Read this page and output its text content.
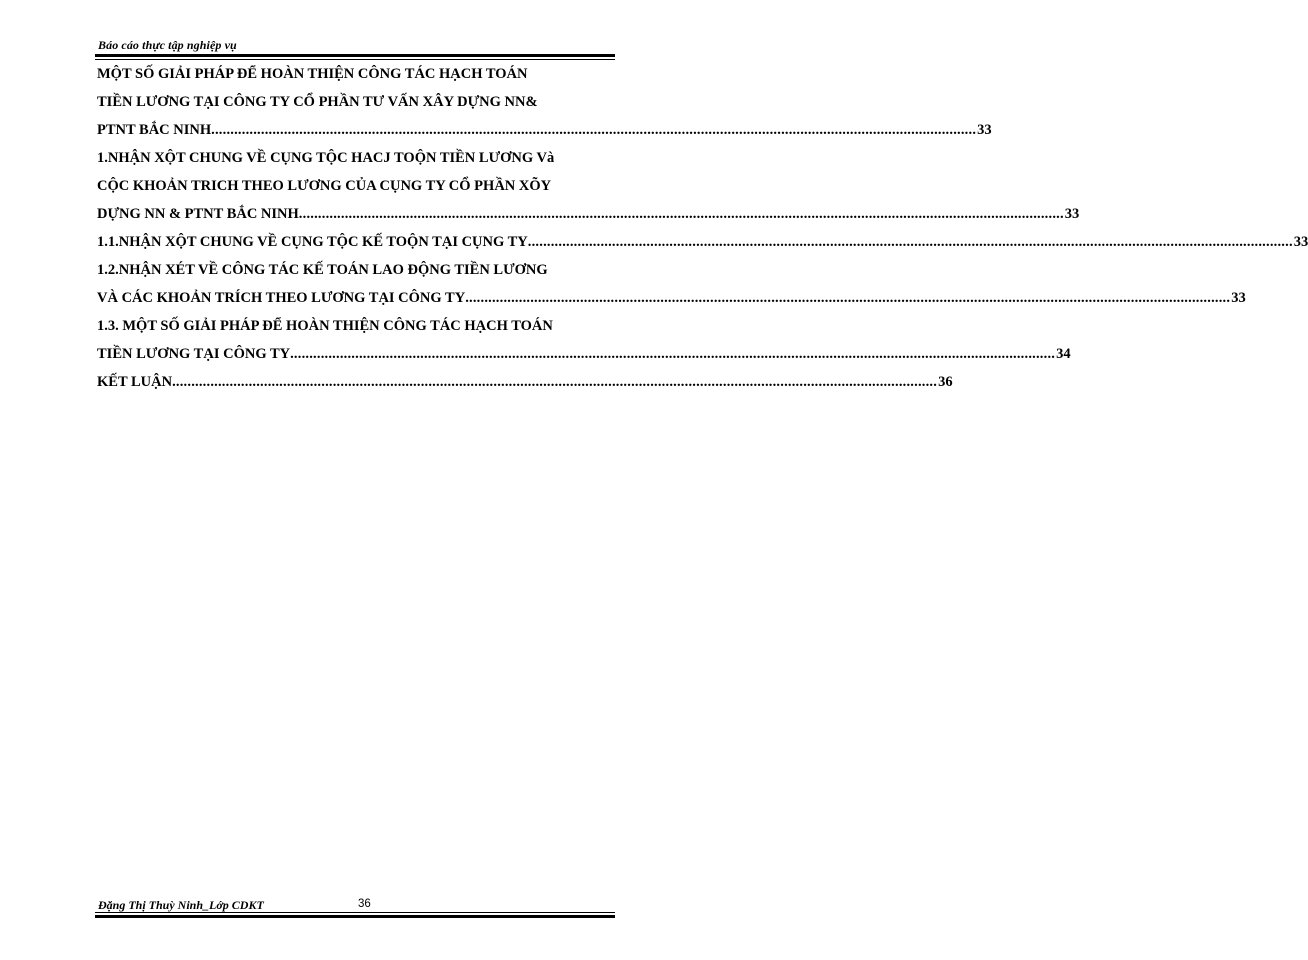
Báo cáo thực tập nghiệp vụ
MỘT SỐ GIẢI PHÁP ĐỂ HOÀN THIỆN CÔNG TÁC HẠCH TOÁN
TIỀN LƯƠNG TẠI CÔNG TY CỔ PHẦN TƯ VẤN XÂY DỰNG NN&
PTNT BẮC NINH ........................................................................................................................................................................................................ 33
1.NHẬN XỘT CHUNG VỀ CỤNG TỘC HACJ TOỘN TIỀN LƯƠNG Và
CỘC KHOẢN TRICH THEO LƯƠNG CỦA CỤNG TY CỔ PHẦN XÕY
DỰNG NN & PTNT BẮC NINH ........................................................................................................................................................................................................ 33
1.1.NHẬN XỘT CHUNG VỀ CỤNG TỘC KẾ TOỘN TẠI CỤNG TY ........................................................................................................................................................................................................ 33
1.2.NHẬN XÉT VỀ CÔNG TÁC KẾ TOÁN LAO ĐỘNG TIỀN LƯƠNG
VÀ CÁC KHOẢN TRÍCH THEO LƯƠNG TẠI CÔNG TY ........................................................................................................................................................................................................ 33
1.3. MỘT SỐ GIẢI PHÁP ĐỂ HOÀN THIỆN CÔNG TÁC HẠCH TOÁN
TIỀN LƯƠNG TẠI CÔNG TY ........................................................................................................................................................................................................ 34
KẾT LUẬN ........................................................................................................................................................................................................ 36
Đặng Thị Thuỳ Ninh_Lớp CDKT	36
